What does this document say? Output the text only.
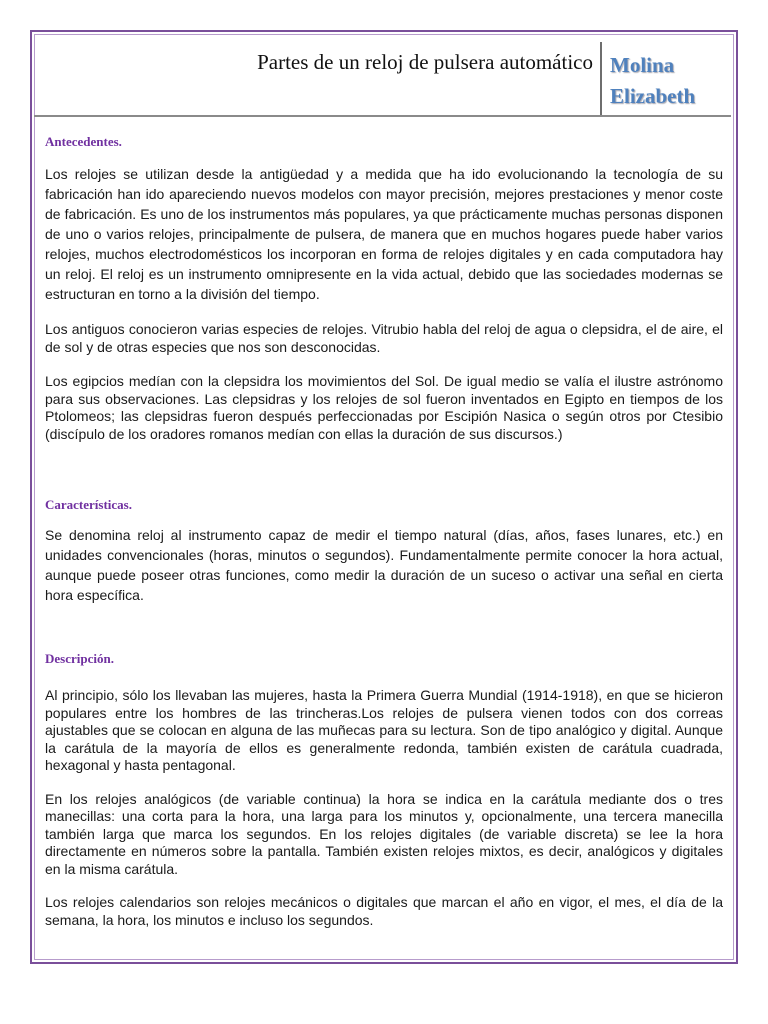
Partes de un reloj de pulsera automático Molina
Elizabeth
Antecedentes.

Los relojes se utilizan desde la antigüedad y a medida que ha ido evolucionando la tecnología de su fabricación han ido apareciendo nuevos modelos con mayor precisión, mejores prestaciones y menor coste de fabricación. Es uno de los instrumentos más populares, ya que prácticamente muchas personas disponen de uno o varios relojes, principalmente de pulsera, de manera que en muchos hogares puede haber varios relojes, muchos electrodomésticos los incorporan en forma de relojes digitales y en cada computadora hay un reloj. El reloj es un instrumento omnipresente en la vida actual, debido que las sociedades modernas se estructuran en torno a la división del tiempo.

Los antiguos conocieron varias especies de relojes. Vitrubio habla del reloj de agua o clepsidra, el de aire, el de sol y de otras especies que nos son desconocidas.

Los egipcios medían con la clepsidra los movimientos del Sol. De igual medio se valía el ilustre astrónomo para sus observaciones. Las clepsidras y los relojes de sol fueron inventados en Egipto en tiempos de los Ptolomeos; las clepsidras fueron después perfeccionadas por Escipión Nasica o según otros por Ctesibio (discípulo de los oradores romanos medían con ellas la duración de sus discursos.)

Características.

Se denomina reloj al instrumento capaz de medir el tiempo natural (días, años, fases lunares, etc.) en unidades convencionales (horas, minutos o segundos). Fundamentalmente permite conocer la hora actual, aunque puede poseer otras funciones, como medir la duración de un suceso o activar una señal en cierta hora específica.

Descripción.

Al principio, sólo los llevaban las mujeres, hasta la Primera Guerra Mundial (1914-1918), en que se hicieron populares entre los hombres de las trincheras.Los relojes de pulsera vienen todos con dos correas ajustables que se colocan en alguna de las muñecas para su lectura. Son de tipo analógico y digital. Aunque la carátula de la mayoría de ellos es generalmente redonda, también existen de carátula cuadrada, hexagonal y hasta pentagonal.

En los relojes analógicos (de variable continua) la hora se indica en la carátula mediante dos o tres manecillas: una corta para la hora, una larga para los minutos y, opcionalmente, una tercera manecilla también larga que marca los segundos. En los relojes digitales (de variable discreta) se lee la hora directamente en números sobre la pantalla. También existen relojes mixtos, es decir, analógicos y digitales en la misma carátula.

Los relojes calendarios son relojes mecánicos o digitales que marcan el año en vigor, el mes, el día de la semana, la hora, los minutos e incluso los segundos.
